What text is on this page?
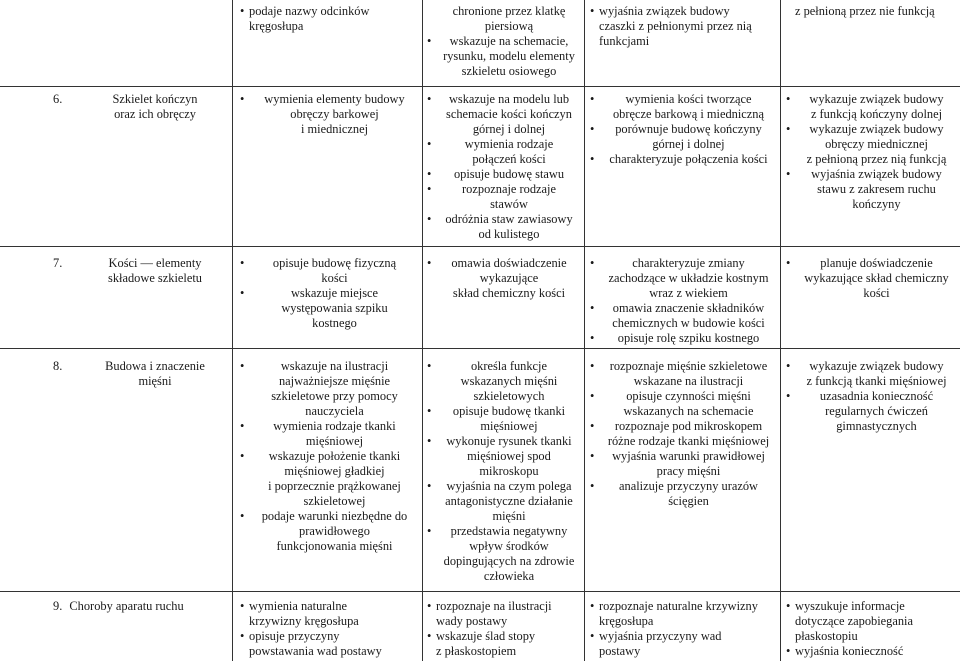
• podaje nazwy odcinków
kręgosłupa
chronione przez klatkę
piersiową
• wskazuje na schemacie,
rysunku, modelu elementy
szkieletu osiowego
• wyjaśnia związek budowy
czaszki z pełnionymi przez nią
funkcjami
z pełnioną przez nie funkcją
6.	Szkielet kończyn
oraz ich obręczy
• wymienia elementy budowy
obręczy barkowej
i miednicznej
• wskazuje na modelu lub
schemacie kości kończyn
górnej i dolnej
• wymienia rodzaje
połączeń kości
• opisuje budowę stawu
• rozpoznaje rodzaje
stawów
• odróżnia staw zawiasowy
od kulistego
• wymienia kości tworzące
obręcze barkową i miedniczną
• porównuje budowę kończyny
górnej i dolnej
• charakteryzuje połączenia kości
• wykazuje związek budowy
z funkcją kończyny dolnej
• wykazuje związek budowy
obręczy miednicznej
z pełnioną przez nią funkcją
• wyjaśnia związek budowy
stawu z zakresem ruchu
kończyny
7.	Kości — elementy
składowe szkieletu
• opisuje budowę fizyczną
kości
• wskazuje miejsce
występowania szpiku
kostnego
• omawia doświadczenie
wykazujące
skład chemiczny kości
• charakteryzuje zmiany
zachodzące w układzie kostnym
wraz z wiekiem
• omawia znaczenie składników
chemicznych w budowie kości
• opisuje rolę szpiku kostnego
• planuje doświadczenie
wykazujące skład chemiczny
kości
8.	Budowa i znaczenie
mięśni
• wskazuje na ilustracji
najważniejsze mięśnie
szkieletowe przy pomocy
nauczyciela
• wymienia rodzaje tkanki
mięśniowej
• wskazuje położenie tkanki
mięśniowej gładkiej
i poprzecznie prążkowanej
szkieletowej
• podaje warunki niezbędne do
prawidłowego
funkcjonowania mięśni
• określa funkcje
wskazanych mięśni
szkieletowych
• opisuje budowę tkanki
mięśniowej
• wykonuje rysunek tkanki
mięśniowej spod
mikroskopu
• wyjaśnia na czym polega
antagonistyczne działanie
mięśni
• przedstawia negatywny
wpływ środków
dopingujących na zdrowie
człowieka
• rozpoznaje mięśnie szkieletowe
wskazane na ilustracji
• opisuje czynności mięśni
wskazanych na schemacie
• rozpoznaje pod mikroskopem
różne rodzaje tkanki mięśniowej
• wyjaśnia warunki prawidłowej
pracy mięśni
• analizuje przyczyny urazów
ścięgien
• wykazuje związek budowy
z funkcją tkanki mięśniowej
• uzasadnia konieczność
regularnych ćwiczeń
gimnastycznych
9. Choroby aparatu ruchu
•	wymienia naturalne
krzywizny kręgosłupa
• opisuje przyczyny
powstawania wad postawy
• rozpoznaje na ilustracji
wady postawy
• wskazuje ślad stopy
z płaskostopiem
• rozpoznaje naturalne krzywizny
kręgosłupa
• wyjaśnia przyczyny wad
postawy
• wyszukuje informacje
dotyczące zapobiegania
płaskostopiu
• wyjaśnia konieczność
